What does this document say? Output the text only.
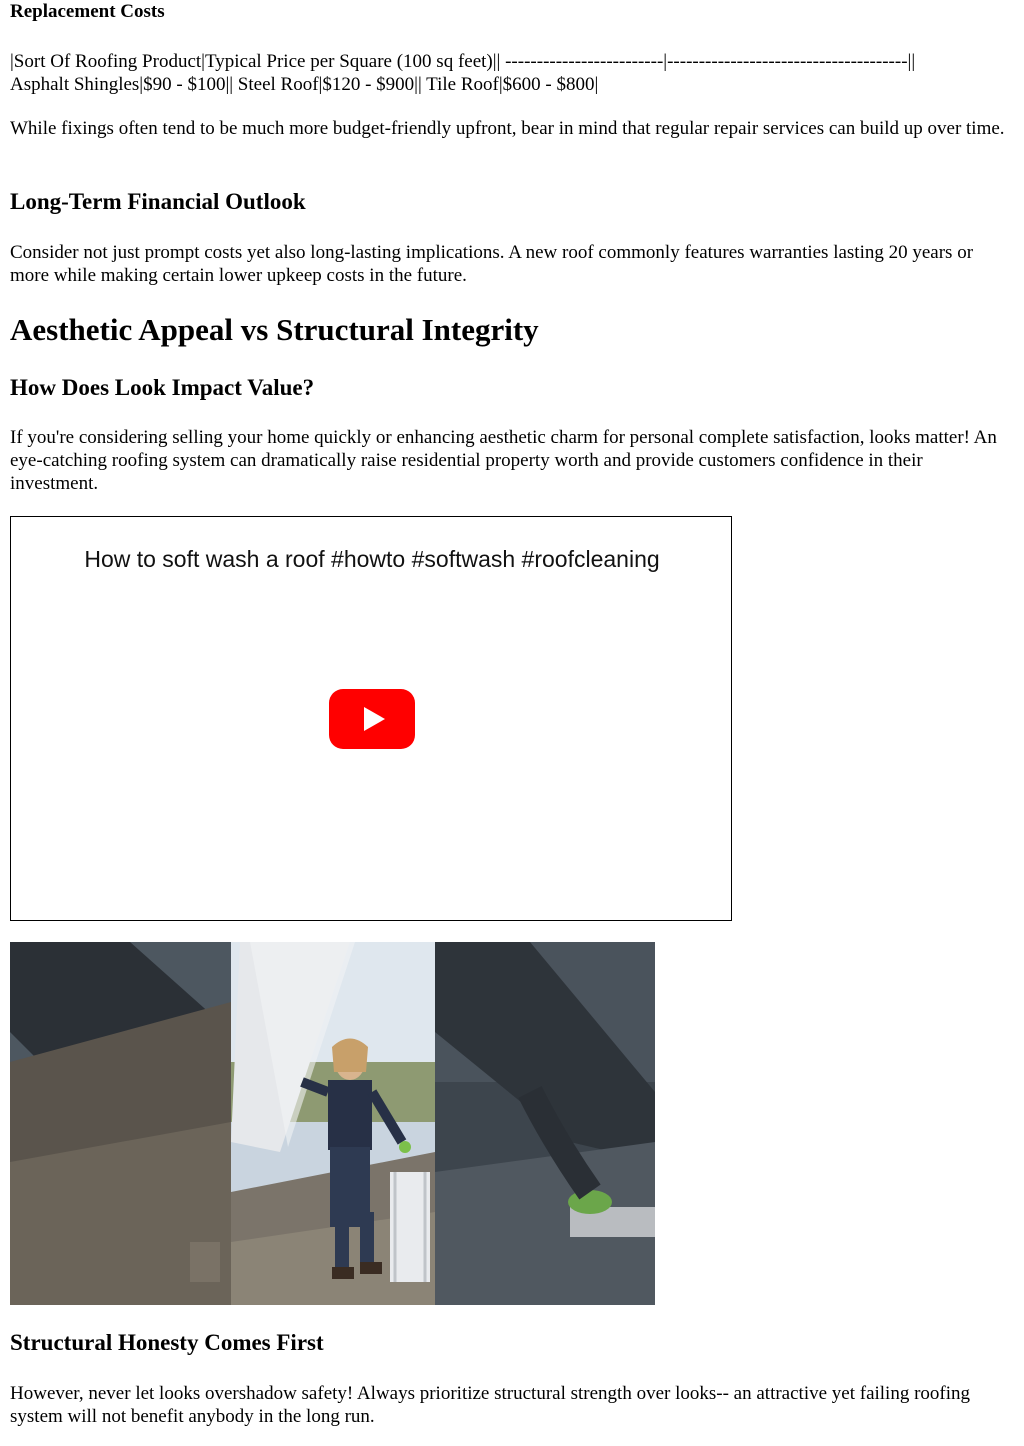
Replacement Costs

|Sort Of Roofing Product|Typical Price per Square (100 sq feet)|| -------------------------|--------------------------------------||
Asphalt Shingles|$90 - $100|| Steel Roof|$120 - $900|| Tile Roof|$600 - $800|

While fixings often tend to be much more budget-friendly upfront, bear in mind that regular repair services can build up over time.

Long-Term Financial Outlook

Consider not just prompt costs yet also long-lasting implications. A new roof commonly features warranties lasting 20 years or more while making certain lower upkeep costs in the future.

Aesthetic Appeal vs Structural Integrity
How Does Look Impact Value?

If you're considering selling your home quickly or enhancing aesthetic charm for personal complete satisfaction, looks matter! An eye-catching roofing system can dramatically raise residential property worth and provide customers confidence in their investment.

How to soft wash a roof #howto #softwash #roofcleaning
Structural Honesty Comes First

However, never let looks overshadow safety! Always prioritize structural strength over looks-- an attractive yet failing roofing system will not benefit anybody in the long run.
